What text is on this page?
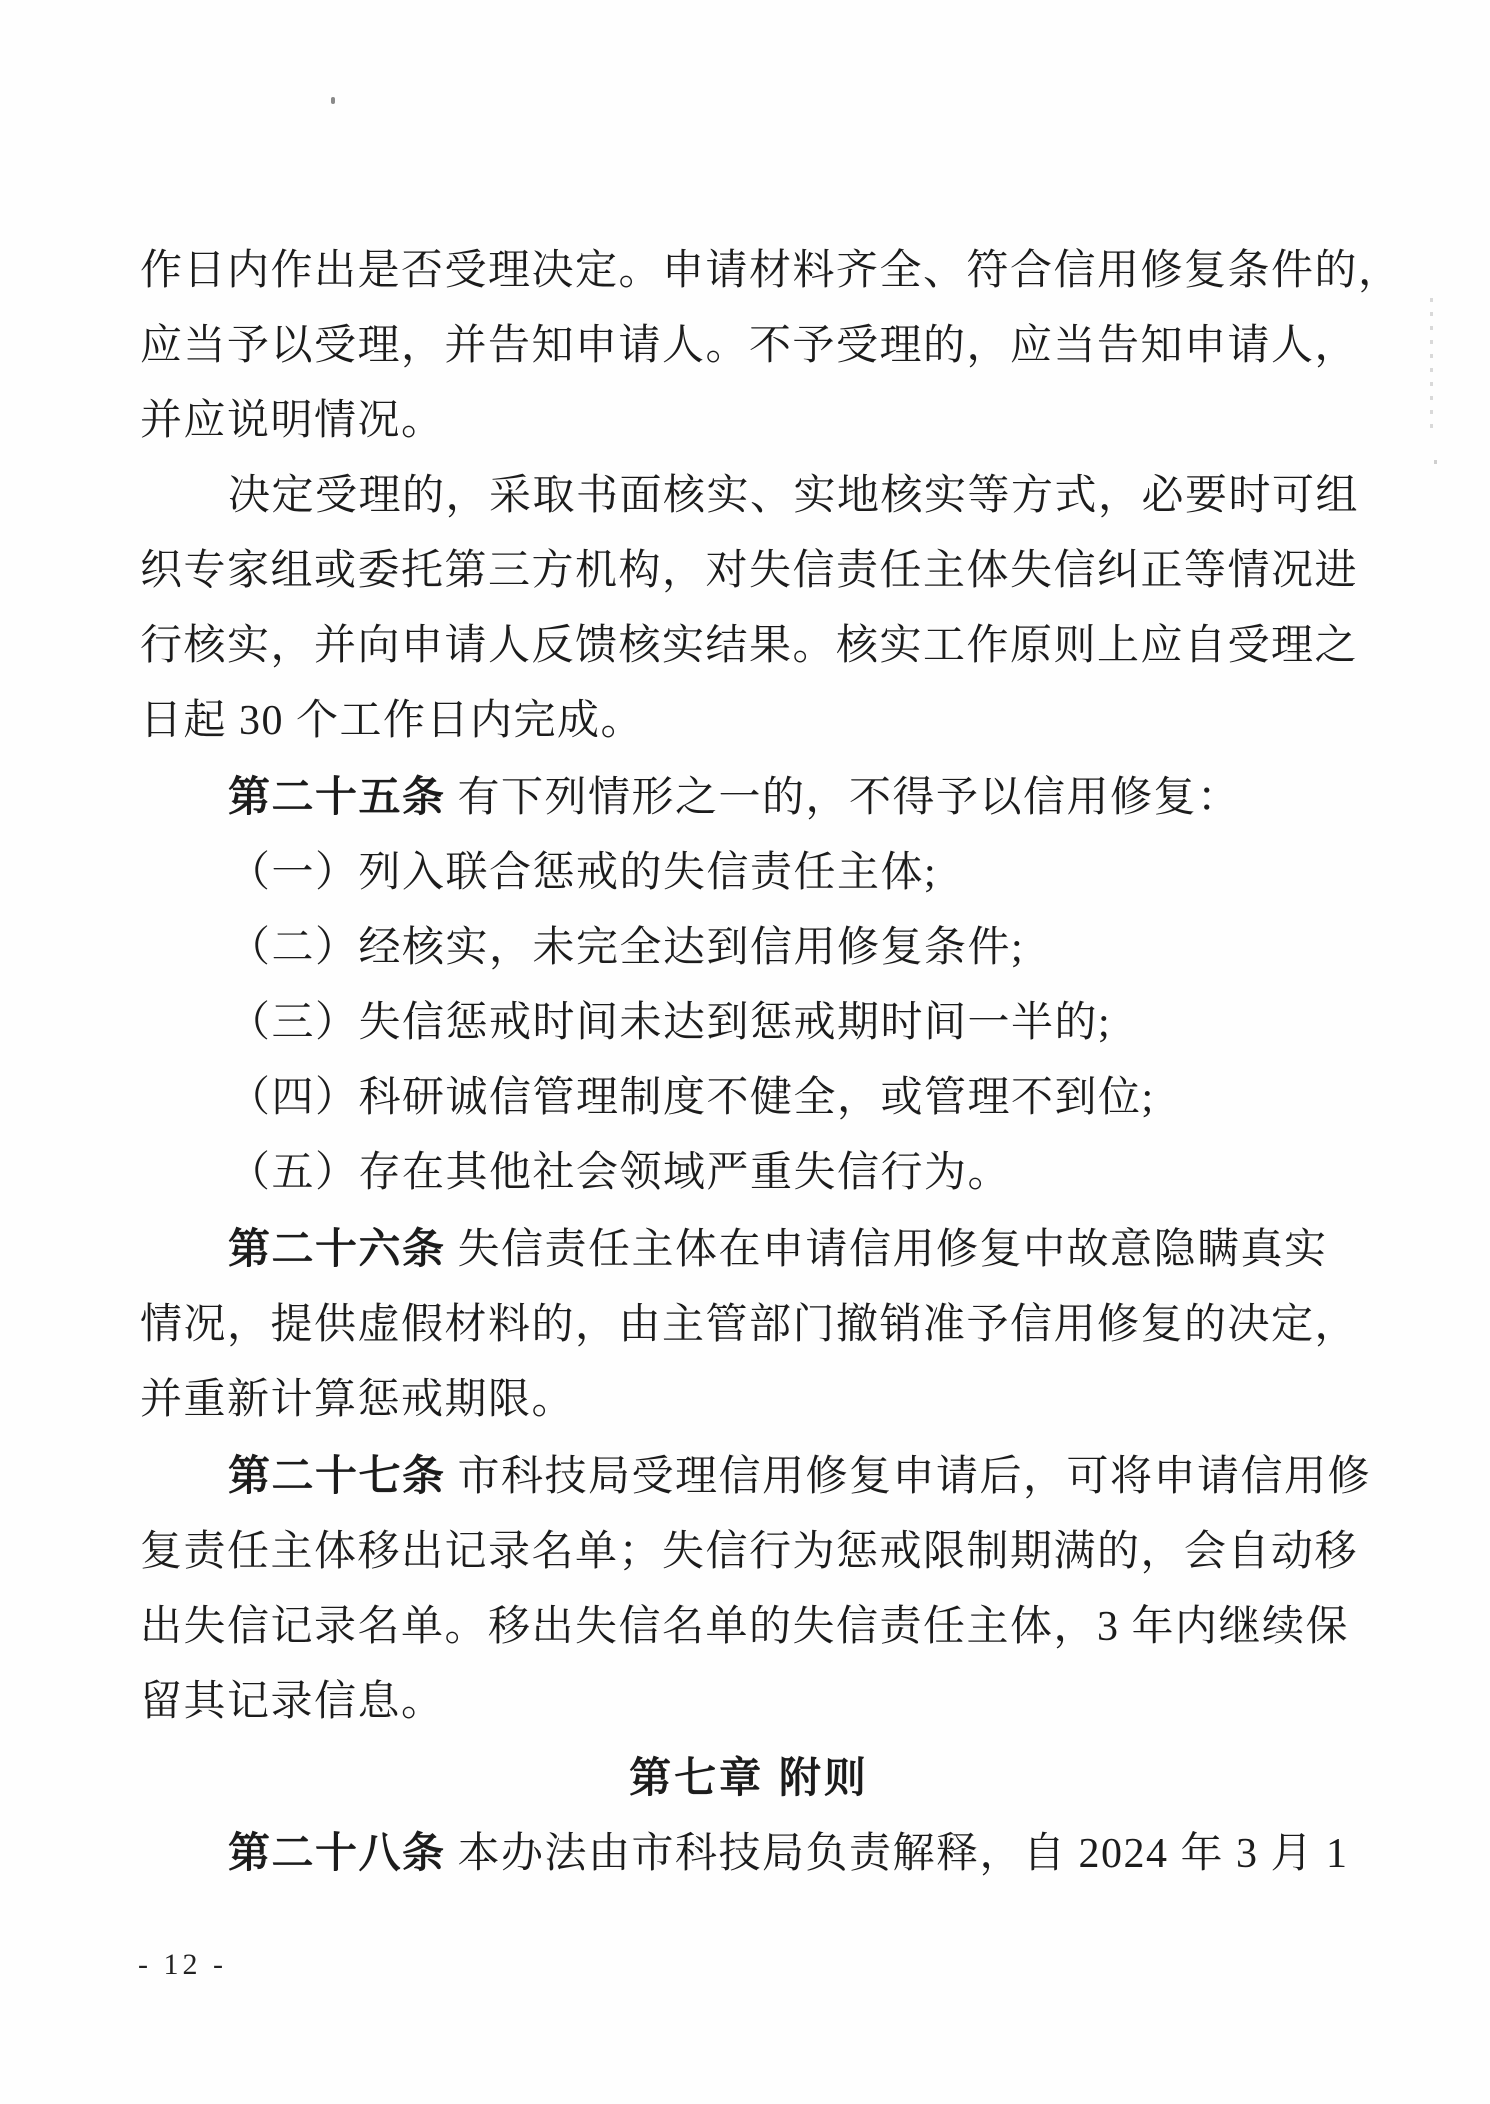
作日内作出是否受理决定。申请材料齐全、符合信用修复条件的，
应当予以受理，并告知申请人。不予受理的，应当告知申请人，
并应说明情况。
决定受理的，采取书面核实、实地核实等方式，必要时可组
织专家组或委托第三方机构，对失信责任主体失信纠正等情况进
行核实，并向申请人反馈核实结果。核实工作原则上应自受理之
日起 30 个工作日内完成。
第二十五条 有下列情形之一的，不得予以信用修复：
（一）列入联合惩戒的失信责任主体;
（二）经核实，未完全达到信用修复条件;
（三）失信惩戒时间未达到惩戒期时间一半的;
（四）科研诚信管理制度不健全，或管理不到位;
（五）存在其他社会领域严重失信行为。
第二十六条 失信责任主体在申请信用修复中故意隐瞒真实
情况，提供虚假材料的，由主管部门撤销准予信用修复的决定，
并重新计算惩戒期限。
第二十七条 市科技局受理信用修复申请后，可将申请信用修
复责任主体移出记录名单；失信行为惩戒限制期满的，会自动移
出失信记录名单。移出失信名单的失信责任主体，3 年内继续保
留其记录信息。
第七章 附则
第二十八条 本办法由市科技局负责解释，自 2024 年 3 月 1
- 12 -
